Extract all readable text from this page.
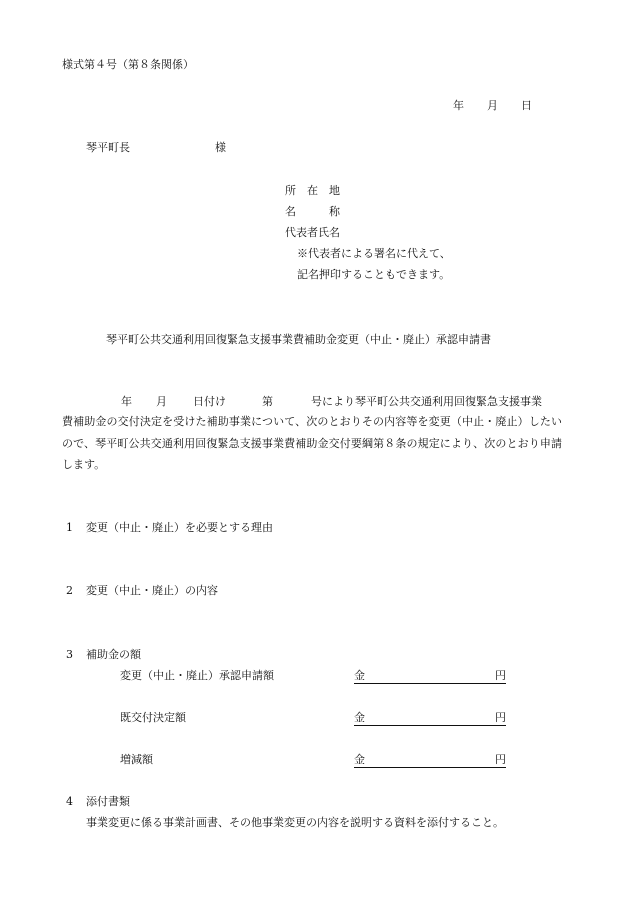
様式第４号（第８条関係）
年 月 日
琴平町長	様
所　在　地
名　　　称
代表者氏名
※代表者による署名に代えて、
記名押印することもできます。
琴平町公共交通利用回復緊急支援事業費補助金変更（中止・廃止）承認申請書
年 月 日付け	第	号により琴平町公共交通利用回復緊急支援事業
費補助金の交付決定を受けた補助事業について、次のとおりその内容等を変更（中止・廃止）したいので、琴平町公共交通利用回復緊急支援事業費補助金交付要綱第８条の規定により、次のとおり申請します。
1 変更（中止・廃止）を必要とする理由
2 変更（中止・廃止）の内容
3 補助金の額
変更（中止・廃止）承認申請額	金	円
既交付決定額	金	円
増減額	金	円
4 添付書類
事業変更に係る事業計画書、その他事業変更の内容を説明する資料を添付すること。
